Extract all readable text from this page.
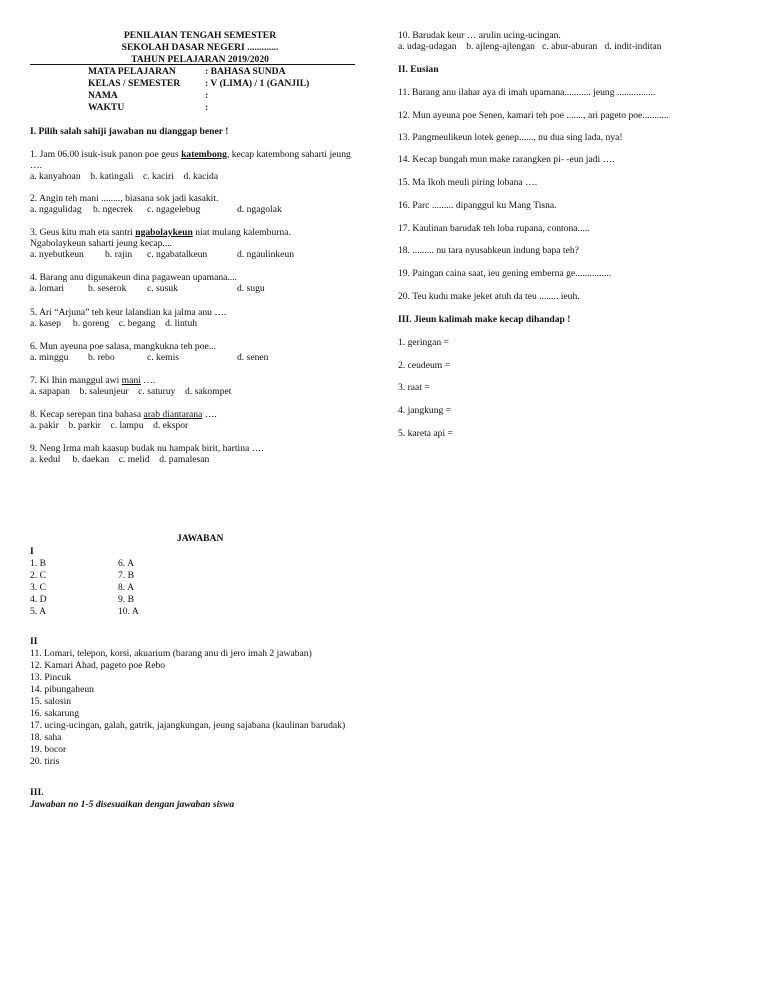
PENILAIAN TENGAH SEMESTER
SEKOLAH DASAR NEGERI .............
TAHUN PELAJARAN 2019/2020
MATA PELAJARAN	: BAHASA SUNDA
KELAS / SEMESTER	: V (LIMA) / 1 (GANJIL)
NAMA	:
WAKTU	:
I. Pilih salah sahiji jawaban nu dianggap bener !
1. Jam 06.00 isuk-isuk panon poe geus katembong, kecap katembong saharti jeung
….
a. kanyahoan    b. katingali    c. kaciri    d. kacida
2. Angin teh mani ........, biasana sok jadi kasakit.
a. ngagulidag b. ngecrek c. ngagelebug	d. ngagolak
3. Geus kitu mah eta santri ngabolaykeun niat mulang kalemburna.
Ngabolaykeun saharti jeung kecap....
a. nyebutkeun b. rajin c. ngabatalkeun	d. ngaulinkeun
4. Barang anu digunakeun dina pagawean upamana....
a. lomari b. seserok c. susuk	d. sugu
5. Ari “Arjuna” teh keur lalandian ka jalma anu ….
a. kasep     b. goreng    c. begang    d. lintuh
6. Mun ayeuna poe salasa, mangkukna teh poe...
a. minggu b. rebo	c. kemis	d. senen
7. Ki Ihin manggul awi mani ….
a. sapapan    b. saleunjeur    c. saturuy    d. sakompet
8. Kecap serepan tina bahasa arab diantarana ….
a. pakir    b. parkir    c. lampu    d. ekspor
9. Neng Irma mah kaasup budak nu hampak birit, hartina ….
a. kedul     b. daekan    c. melid    d. pamalesan
10. Barudak keur … arulin ucing-ucingan.
a. udag-udagan    b. ajleng-ajlengan   c. abur-aburan   d. indit-inditan
II. Eusian
11. Barang anu ilahar aya di imah upamana........... jeung ................
12. Mun ayeuna poe Senen, kamari teh poe ......., ari pageto poe...........
13. Pangmeulikeun lotek genep......, nu dua sing lada, nya!
14. Kecap bungah mun make rarangken pi- -eun jadi ….
15. Ma Ikoh meuli piring lobana ….
16. Parc ......... dipanggul ku Mang Tisna.
17. Kaulinan barudak teh loba rupana, contona.....
18. ......... nu tara nyusahkeun indung bapa teh?
19. Paingan caina saat, ieu gening emberna ge...............
20. Teu kudu make jeket atuh da teu ........ ieuh.
III. Jieun kalimah make kecap dihandap !
1. geringan =
2. ceudeum =
3. raat =
4. jangkung =
5. kareta api =
JAWABAN
I
1. B
2. C
3. C
4. D
5. A
6. A
7. B
8. A
9. B
10. A
II
11. Lomari, telepon, korsi, akuarium (barang anu di jero imah 2 jawaban)
12. Kamari Ahad, pageto poe Rebo
13. Pincuk
14. pibungaheun
15. salosin
16. sakarung
17. ucing-ucingan, galah, gatrik, jajangkungan, jeung sajabana (kaulinan barudak)
18. saha
19. bocor
20. tiris
III.
Jawaban no 1-5 disesuaikan dengan jawaban siswa
